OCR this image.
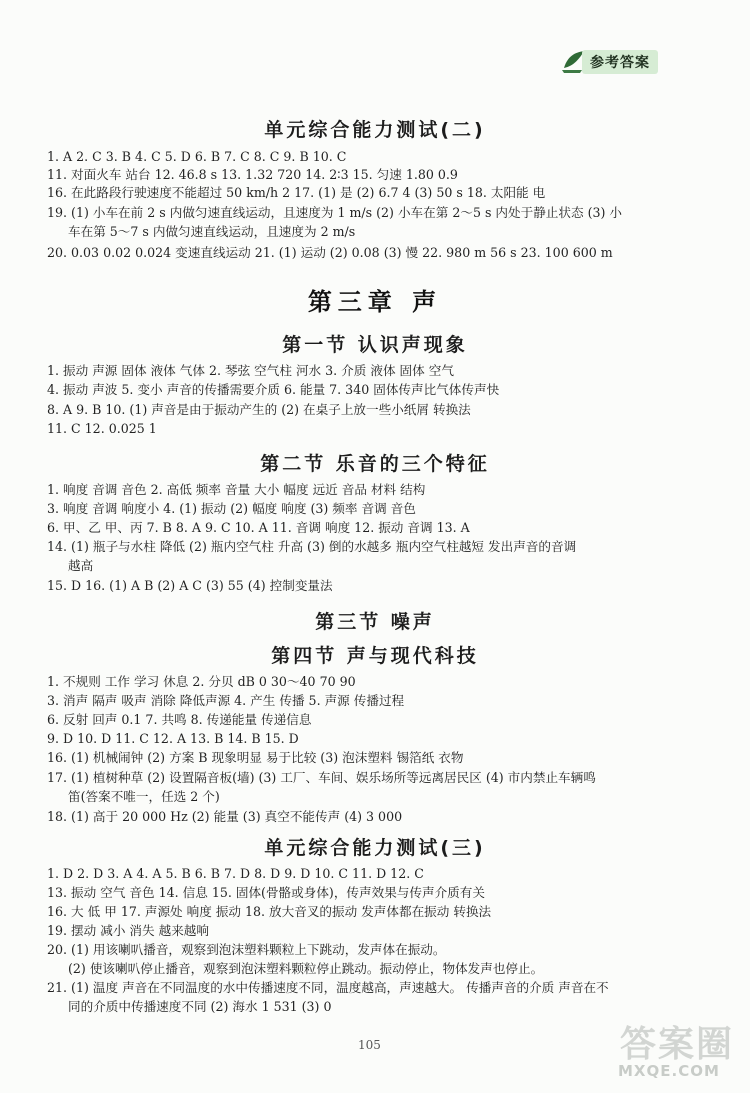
参考答案
单元综合能力测试(二)
1. A 2. C 3. B 4. C 5. D 6. B 7. C 8. C 9. B 10. C
11. 对面火车 站台 12. 46.8 s 13. 1.32 720 14. 2∶3 15. 匀速 1.80 0.9
16. 在此路段行驶速度不能超过 50 km/h 2 17. (1) 是 (2) 6.7 4 (3) 50 s 18. 太阳能 电
19. (1) 小车在前 2 s 内做匀速直线运动，且速度为 1 m/s (2) 小车在第 2～5 s 内处于静止状态 (3) 小
车在第 5～7 s 内做匀速直线运动，且速度为 2 m/s
20. 0.03 0.02 0.024 变速直线运动 21. (1) 运动 (2) 0.08 (3) 慢 22. 980 m 56 s 23. 100 600 m
第三章 声
第一节 认识声现象
1. 振动 声源 固体 液体 气体 2. 琴弦 空气柱 河水 3. 介质 液体 固体 空气
4. 振动 声波 5. 变小 声音的传播需要介质 6. 能量 7. 340 固体传声比气体传声快
8. A 9. B 10. (1) 声音是由于振动产生的 (2) 在桌子上放一些小纸屑 转换法
11. C 12. 0.025 1
第二节 乐音的三个特征
1. 响度 音调 音色 2. 高低 频率 音量 大小 幅度 远近 音品 材料 结构
3. 响度 音调 响度小 4. (1) 振动 (2) 幅度 响度 (3) 频率 音调 音色
6. 甲、乙 甲、丙 7. B 8. A 9. C 10. A 11. 音调 响度 12. 振动 音调 13. A
14. (1) 瓶子与水柱 降低 (2) 瓶内空气柱 升高 (3) 倒的水越多 瓶内空气柱越短 发出声音的音调
越高
15. D 16. (1) A B (2) A C (3) 55 (4) 控制变量法
第三节 噪声
第四节 声与现代科技
1. 不规则 工作 学习 休息 2. 分贝 dB 0 30～40 70 90
3. 消声 隔声 吸声 消除 降低声源 4. 产生 传播 5. 声源 传播过程
6. 反射 回声 0.1 7. 共鸣 8. 传递能量 传递信息
9. D 10. D 11. C 12. A 13. B 14. B 15. D
16. (1) 机械闹钟 (2) 方案 B 现象明显 易于比较 (3) 泡沫塑料 锡箔纸 衣物
17. (1) 植树种草 (2) 设置隔音板(墙) (3) 工厂、车间、娱乐场所等远离居民区 (4) 市内禁止车辆鸣
笛(答案不唯一，任选 2 个)
18. (1) 高于 20 000 Hz (2) 能量 (3) 真空不能传声 (4) 3 000
单元综合能力测试(三)
1. D 2. D 3. A 4. A 5. B 6. B 7. D 8. D 9. D 10. C 11. D 12. C
13. 振动 空气 音色 14. 信息 15. 固体(骨骼或身体)，传声效果与传声介质有关
16. 大 低 甲 17. 声源处 响度 振动 18. 放大音叉的振动 发声体都在振动 转换法
19. 摆动 减小 消失 越来越响
20. (1) 用该喇叭播音，观察到泡沫塑料颗粒上下跳动，发声体在振动。
(2) 使该喇叭停止播音，观察到泡沫塑料颗粒停止跳动。振动停止，物体发声也停止。
21. (1) 温度 声音在不同温度的水中传播速度不同，温度越高，声速越大。 传播声音的介质 声音在不
同的介质中传播速度不同 (2) 海水 1 531 (3) 0
105	答案圈
MXQE.COM
